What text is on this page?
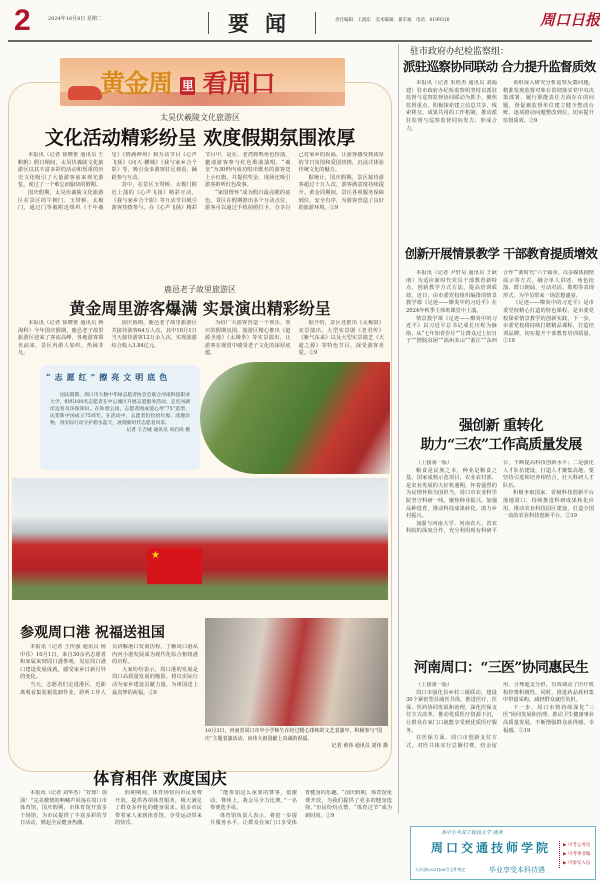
2	2024年10月8日 星期二	要闻	责任编辑：王润东　美术编辑：翟军福　电话：6199316	周口日报
黄金周 里 看周口
太昊伏羲陵文化旅游区
文化活动精彩纷呈 欢度假期氛围浓厚

本报讯（记者 徐晓蕾 通讯员 王帆帆）假日期间，太昊伏羲陵文化旅游区以其丰富多彩的活动和厚重的历史文化吸引了大量游客前来观光游览，度过了一个难忘而愉快的假期。

国庆假期，太昊伏羲陵文化旅游区在景区的午朝门、玉带桥、太极门，通过门等被附近组织《千年羲皇》《情满神州》和互动节目《心声飞扬》《问天·鹏城》《我与家乡合个影》等，吸引众多游客驻足观看，踊跃参与互动。

其中，在景区玉带桥、太极门附近上演的《心声飞扬》精彩互动，《我与家乡合个影》等互动节目吸引游客热情参与。在《心声飞扬》精彩节目中，是在，老湾将鸣角色扮演，邀请游客参与红色歌曲演唱，“羲皇”为30秒内成功唱出歌名的游客送上小红旗，并提供奖金，现场还吸引游客聆听红色故事。

“家国情怀”成为假日最亮眼的底色。景区在假期推出多个互动点位，游客可以通过手机拍照打卡，分享自己对家乡的祝福，让游客感受到浓厚的节日氛围和爱国热情，沉浸式体验传统文化的魅力。

据统计，国庆假期，景区接待游客超过十万人次，游客满意度持续提升。黄金周期间，景区各项服务保障到位，安全有序，为游客营造了良好的旅游环境。②9

鹿邑老子故里旅游区
黄金周里游客爆满 实景演出精彩纷呈

本报讯（记者 徐晓蕾 通讯员 蒋海科）今年国庆假期，鹿邑老子故里旅游区迎来了客流高峰，各地游客慕名前来，景区内游人如织，热闹非凡。

国庆假期，鹿邑老子故里旅游区共接待游客64万人次，其中10月1日当天接待游客12万余人次，实现旅游综合收入3.84亿元。

为给广大游客营造一个欢乐、喜庆的假期氛围，旅游区精心推出《道源圣地》《太极拳》等实景演出，让游客在观赏中感受老子文化的深厚底蕴。

据介绍，景区还推出《太极鼓》实景演出、大型实景剧《老君传》《紫气东来》以及大型实景演艺《大道之源》等特色节目，深受游客喜爱。②9

“志愿红”擦亮文明底色

国庆假期，周口市大数中华绿志愿者协会会联合河南科技职业大学，组织100名志愿者在中心城区开展志愿服务活动，走近河湖岸边普及环保知识。在和谐公园，志愿者围成爱心形“75”造型，庆贺新中国成立75周年。在活动中，志愿者们捡拾垃圾、清理杂物，用实际行动守护碧水蓝天，展现新时代志愿者风采。

记者 王吉城 通讯员 刘启尚 摄

★
参观周口港 祝福送祖国

本报讯（记者 王传强 通讯员 杨中乐）10月1日，来自30余名志愿者和家属来到周口港参观，见证周口港口建设发展成就，感受家乡日新月异的变化。

当天，志愿者们走进港区，近距离观看集装箱装卸作业，聆听工作人员讲解港口发展历程，了解周口港从内河小港发展成为现代化综合枢纽港的历程。

大家纷纷表示，周口港的发展是周口高质量发展的缩影，将以实际行动为家乡建设贡献力量，为祖国送上最真挚的祝福。②9

10月3日，河南省周口市中小学师生在经过精心排练的文艺表演中，积极参与“国庆”主题表演活动，向伟大祖国献上真诚的祝福。
记者 黄伟 通讯员 刘伟 摄
体育相伴 欢度国庆

本报讯（记者 刘华杰）“好球！加油！”完美激情的呐喊声回荡在周口市体育馆。国庆假期，市体育馆开放多个场馆，为市民提供了丰富多彩的节日活动，掀起全民健身热潮。

假期期间，体育场馆向市民免费开放，提供各项体育服务，极大满足了群众多样化的健身需求。很多市民带着家人来到体育馆，享受运动带来的快乐。

“能参加这么重要的赛事，很激动，赛场上，我会尽全力比赛。”一名参赛选手说。

体育馆负责人表示，将进一步提升服务水平，让群众在家门口享受体育健身的乐趣。“国庆假期，体育馆免费开放，为我们提供了更多的健身选择。”市民纷纷点赞，“体育过节”成为新时尚。②9

驻市政府办纪检监察组：
派驻巡察协同联动 合力提升监督质效

本报讯（记者 朱艳杰 通讯员 刘福建）驻市政府办纪检监察组坚持以派驻监督与巡察监督协同联动为抓手，聚焦监督重点，积极探索建立信息共享、线索移交、成果共用的工作机制，推动派驻监督与巡察监督同向发力、形成合力。

该组深入研究分析巡察反馈问题，精准发现监督对象在贯彻落实党中央决策部署、履行职能责任方面存在的问题，督促被监督单位建立健全整改台账，逐项推动问题整改到位，切实提升监督质效。②9

创新开展情景教学 干部教育提质增效

本报讯（记者 尹轩昊 通讯员 王耿朋）为适应新时代党员干部教育新特点，创新教学方式方法，提高培训质效，近日，由市委党校组织编排的情景教学课《足迹——燎炎中的习近平》在2024年秋季主体班课堂中上演。

情景教学课《足迹——燎炎中的习近平》以习近平总书记成长历程为脉络，从“七年知青岁月”“让群众过上好日子”“摆脱贫困”“福州美山”“浙江”“东西合作”“新时代”六个篇章，以多媒体剧情展示等方式，融合单人讲述、角色扮演、群口朗诵、互动对话、歌唱等表现形式，为学员带来一场思想盛宴。

《足迹——燎炎中的习近平》是市委党校精心打造的特色课程，是市委党校探索情景教学的创新实践，下一步，市委党校将持续打磨精品课程，打造培训品牌，切实提升干部教育培训质量。②19

强创新 重转化
助力“三农”工作高质量发展

（上接第一版）

粮食是民族之本，种业是粮食之基。国家成熟示范项目，农业农村部，是农业发展的大好机遇期，怀着强烈的为民情怀和为国担当，周口市农业科学院坚守科研一线，聚焦种业振兴，加强品种选育，推动科技成果转化，助力乡村振兴。

加强与河南大学、河南农大、省农科院的深度合作，充分利用现有科研平台，不断提高科技创新水平；二是强化人才队伍建设，打造人才聚集高地，要坚持引进和培养相结合，壮大科研人才队伍。

积极争取国家、省级科技创新平台落地周口，持续推进科研成果转化应用，推动农业科技园区建设，打造全国一流的农业科技创新平台。②19

河南周口：“三医”协同惠民生

（上接第一版）

周口市强化县乡村三级联动，建设30个紧密型县域医共体，推进医疗、医保、医药协同发展和治理，深化医保支付方式改革，推动优质医疗资源下沉，让群众在家门口就能享受到优质医疗服务。

在医保方面，周口市创新支付方式，对医共体实行总额付费，结余留用、合理超支分担，有效调动了医疗机构控费积极性。同时，推进药品耗材集中带量采购，减轻群众就医负担。

下一步，周口市将持续深化“三医”协同发展和治理，推动卫生健康事业高质量发展，不断增强群众获得感、幸福感。②19

高中生考其工程技大学 就读
周口交通技师学院
人社部[2021]68号文件规定	毕业享受本科待遇
▶ 可考公务员
▶ 可考事业编
▶ 可参军入伍
